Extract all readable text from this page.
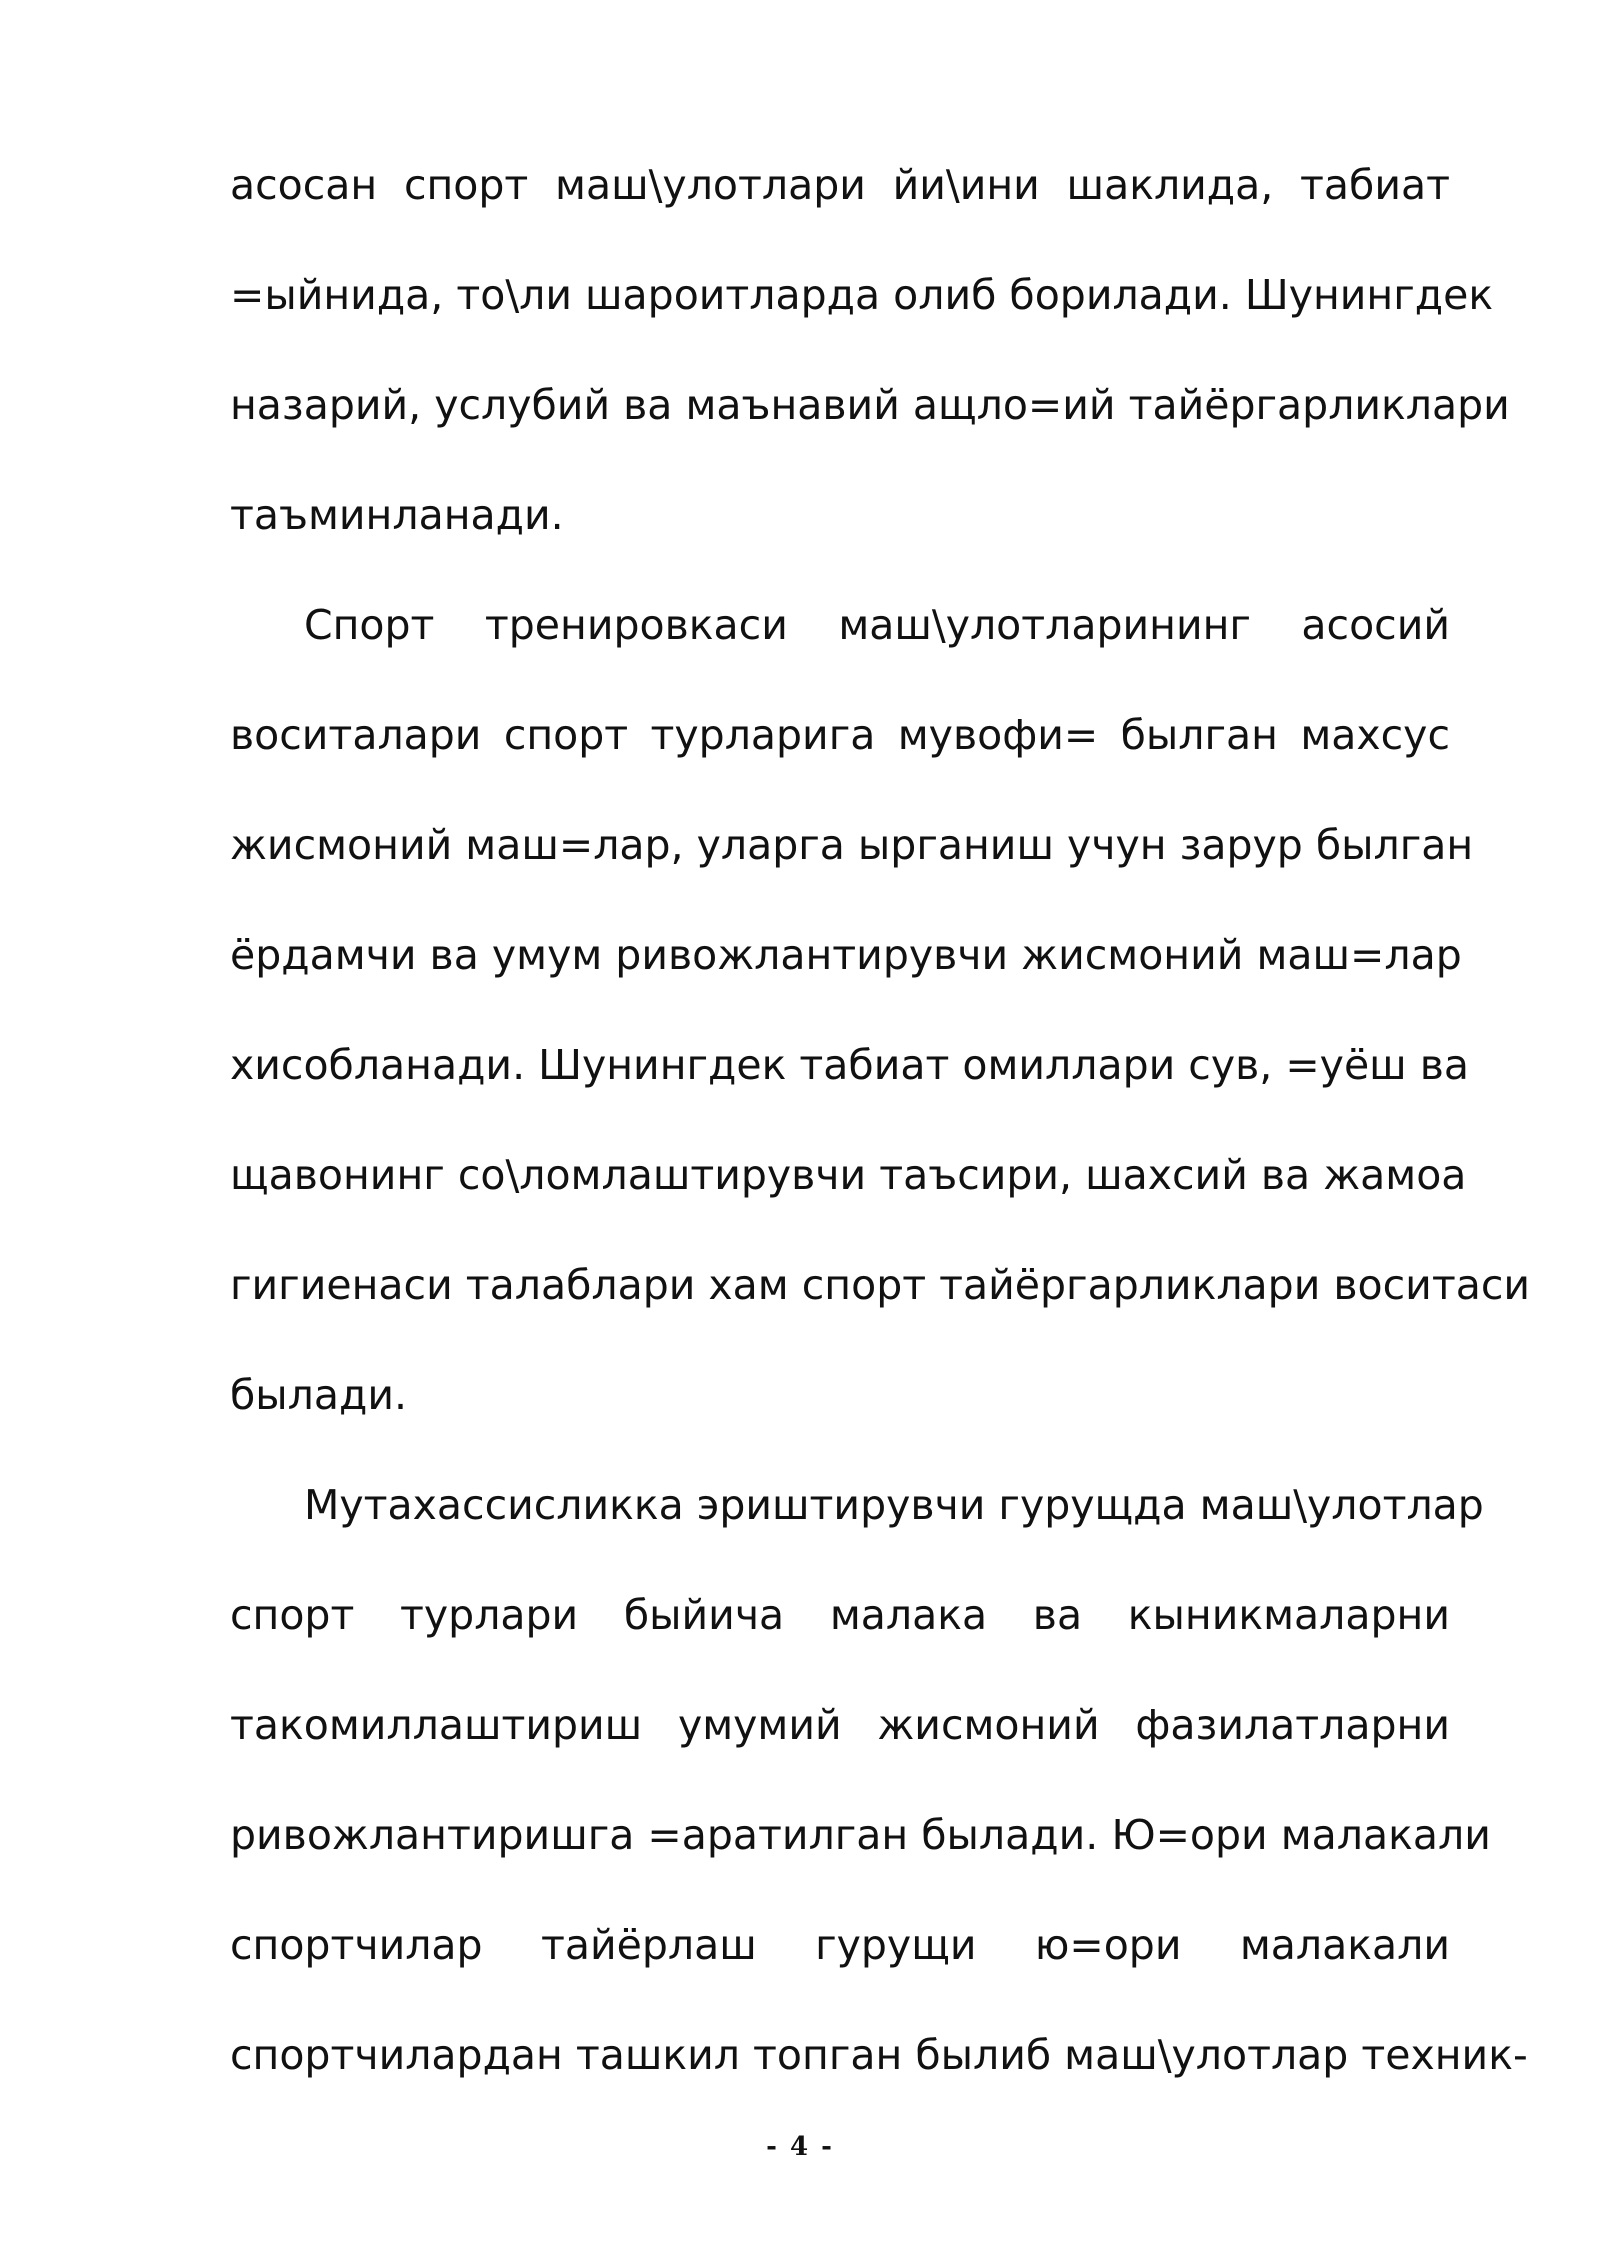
асосан спорт маш\улотлари йи\ини шаклида, табиат
=ыйнида, то\ли шароитларда олиб борилади. Шунингдек
назарий, услубий ва маънавий ащло=ий тайёргарликлари
таъминланади.
Спорт тренировкаси маш\улотларининг асосий
воситалари спорт турларига мувофи= былган махсус
жисмоний маш=лар, уларга ырганиш учун зарур былган
ёрдамчи ва умум ривожлантирувчи жисмоний маш=лар
хисобланади. Шунингдек табиат омиллари сув, =уёш ва
щавонинг со\ломлаштирувчи таъсири, шахсий ва жамоа
гигиенаси талаблари хам спорт тайёргарликлари воситаси
былади.
Мутахассисликка эриштирувчи гурущда маш\улотлар
спорт турлари быйича малака ва кыникмаларни
такомиллаштириш умумий жисмоний фазилатларни
ривожлантиришга =аратилган былади. Ю=ори малакали
спортчилар тайёрлаш гурущи ю=ори малакали
спортчилардан ташкил топган былиб маш\улотлар техник-
- 4 -
